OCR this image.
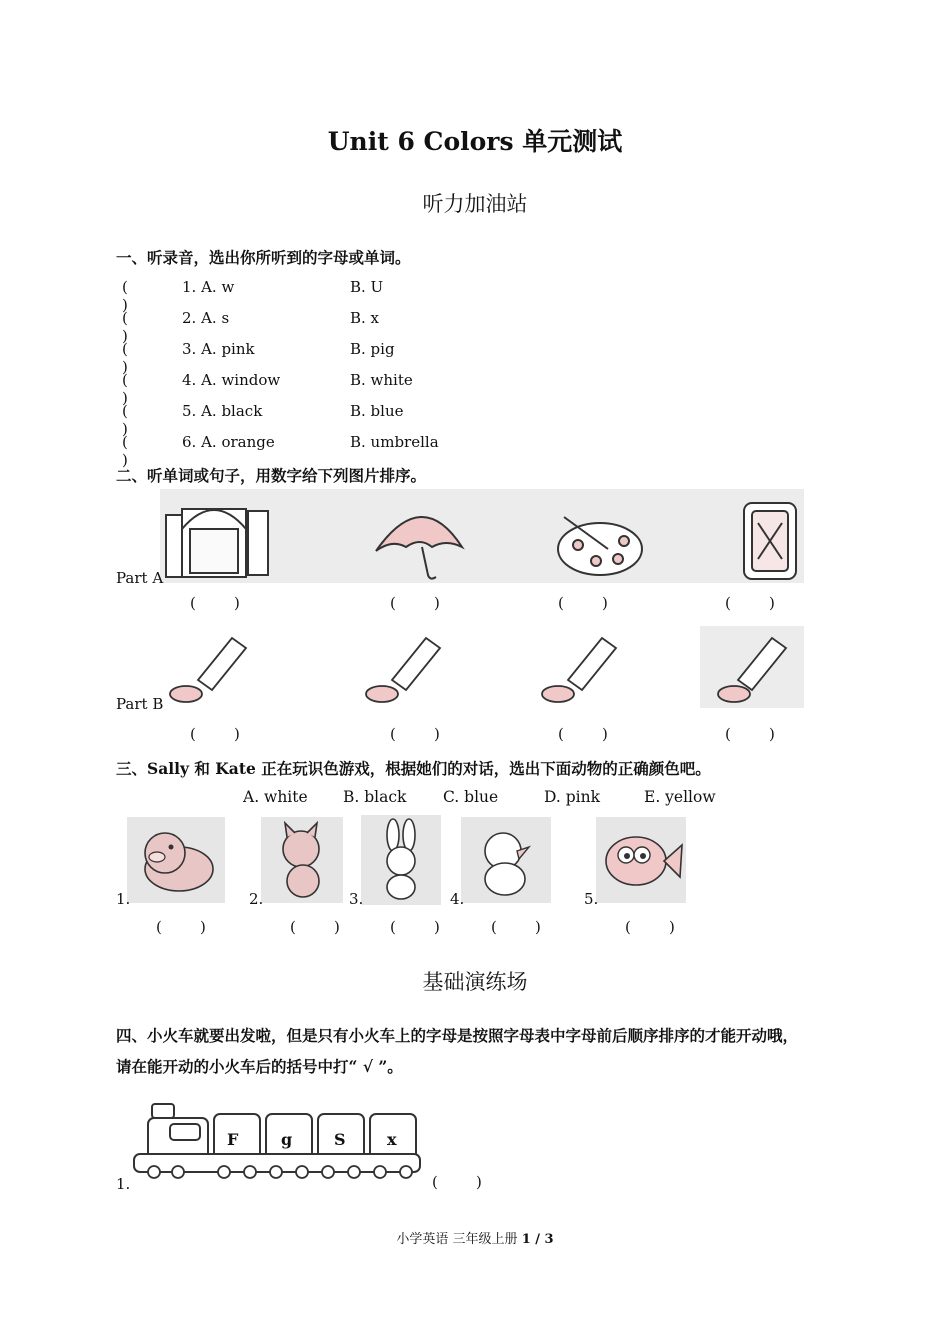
Unit 6 Colors 单元测试
听力加油站
一、听录音，选出你所听到的字母或单词。
( )
1. A. w	B. U
( )
2. A. s	B. x
( )
3. A. pink	B. pig
( )
4. A. window	B. white
( )
5. A. black	B. blue
( )
6. A. orange	B. umbrella
二、听单词或句子，用数字给下列图片排序。
Part A
(        )	(        )	(        )	(        )
Part B
(        )	(        )	(        )	(        )
三、Sally 和 Kate 正在玩识色游戏，根据她们的对话，选出下面动物的正确颜色吧。
A. white B. black C. blue	D. pink	E. yellow
1.	2.	3.	4.	5.
(        )	(        )	(        )	(        )	(        )
基础演练场
四、小火车就要出发啦，但是只有小火车上的字母是按照字母表中字母前后顺序排序的才能开动哦，
请在能开动的小火车后的括号中打“ √ ”。
F	g	S	x
1.	(        )
小学英语 三年级上册 1 / 3
